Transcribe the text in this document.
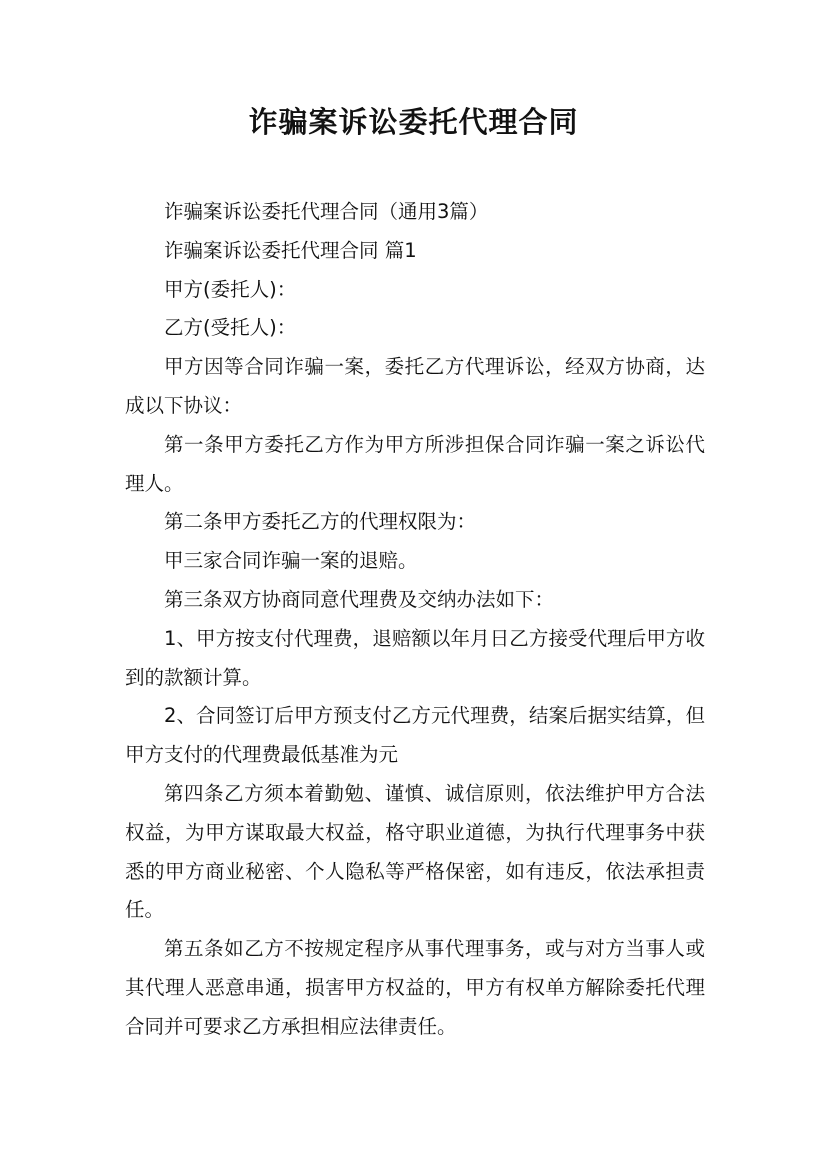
诈骗案诉讼委托代理合同

诈骗案诉讼委托代理合同（通用3篇）

诈骗案诉讼委托代理合同 篇1

甲方(委托人)：

乙方(受托人)：

甲方因等合同诈骗一案，委托乙方代理诉讼，经双方协商，达成以下协议：

第一条甲方委托乙方作为甲方所涉担保合同诈骗一案之诉讼代理人。

第二条甲方委托乙方的代理权限为：

甲三家合同诈骗一案的退赔。

第三条双方协商同意代理费及交纳办法如下：

1、甲方按支付代理费，退赔额以年月日乙方接受代理后甲方收到的款额计算。

2、合同签订后甲方预支付乙方元代理费，结案后据实结算，但甲方支付的代理费最低基准为元

第四条乙方须本着勤勉、谨慎、诚信原则，依法维护甲方合法权益，为甲方谋取最大权益，格守职业道德，为执行代理事务中获悉的甲方商业秘密、个人隐私等严格保密，如有违反，依法承担责任。

第五条如乙方不按规定程序从事代理事务，或与对方当事人或其代理人恶意串通，损害甲方权益的，甲方有权单方解除委托代理合同并可要求乙方承担相应法律责任。
